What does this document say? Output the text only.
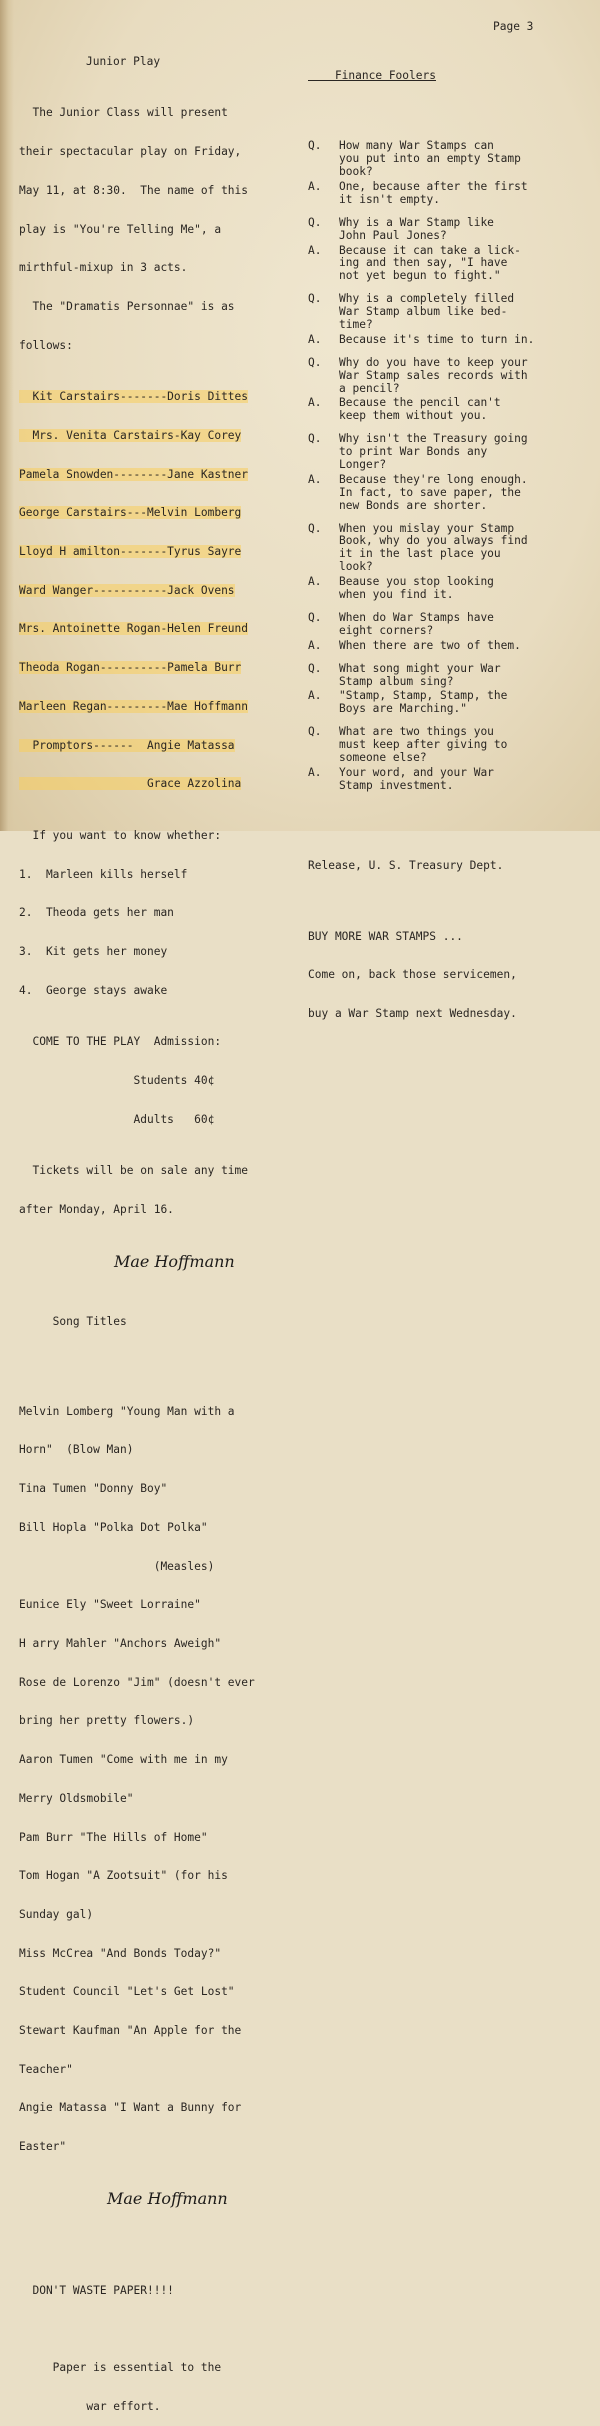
Page 3

Junior Play

The Junior Class will present

their spectacular play on Friday,

May 11, at 8:30.  The name of this

play is "You're Telling Me", a

mirthful-mixup in 3 acts.

The "Dramatis Personnae" is as

follows:

Kit Carstairs-------Doris Dittes

Mrs. Venita Carstairs-Kay Corey

Pamela Snowden--------Jane Kastner

George Carstairs---Melvin Lomberg

Lloyd H amilton-------Tyrus Sayre

Ward Wanger-----------Jack Ovens

Mrs. Antoinette Rogan-Helen Freund

Theoda Rogan----------Pamela Burr

Marleen Regan---------Mae Hoffmann

Promptors------  Angie Matassa

Grace Azzolina

If you want to know whether:

1.  Marleen kills herself

2.  Theoda gets her man

3.  Kit gets her money

4.  George stays awake

COME TO THE PLAY  Admission:

Students 40¢

Adults   60¢

Tickets will be on sale any time

after Monday, April 16.

Mae Hoffmann

Song Titles

Melvin Lomberg "Young Man with a

Horn"  (Blow Man)

Tina Tumen "Donny Boy"

Bill Hopla "Polka Dot Polka"

(Measles)

Eunice Ely "Sweet Lorraine"

H arry Mahler "Anchors Aweigh"

Rose de Lorenzo "Jim" (doesn't ever

bring her pretty flowers.)

Aaron Tumen "Come with me in my

Merry Oldsmobile"

Pam Burr "The Hills of Home"

Tom Hogan "A Zootsuit" (for his

Sunday gal)

Miss McCrea "And Bonds Today?"

Student Council "Let's Get Lost"

Stewart Kaufman "An Apple for the

Teacher"

Angie Matassa "I Want a Bunny for

Easter"

Mae Hoffmann

DON'T WASTE PAPER!!!!

Paper is essential to the

war effort.

Finance Foolers

Q. How many War Stamps can
you put into an empty Stamp
book?
A. One, because after the first
it isn't empty.
Q. Why is a War Stamp like
John Paul Jones?
A. Because it can take a lick-
ing and then say, "I have
not yet begun to fight."
Q. Why is a completely filled
War Stamp album like bed-
time?
A. Because it's time to turn in.
Q. Why do you have to keep your
War Stamp sales records with
a pencil?
A. Because the pencil can't
keep them without you.
Q. Why isn't the Treasury going
to print War Bonds any
Longer?
A. Because they're long enough.
In fact, to save paper, the
new Bonds are shorter.
Q. When you mislay your Stamp
Book, why do you always find
it in the last place you
look?
A. Beause you stop looking
when you find it.
Q. When do War Stamps have
eight corners?
A. When there are two of them.
Q. What song might your War
Stamp album sing?
A. "Stamp, Stamp, Stamp, the
Boys are Marching."
Q. What are two things you
must keep after giving to
someone else?
A. Your word, and your War
Stamp investment.

Release, U. S. Treasury Dept.

BUY MORE WAR STAMPS ...

Come on, back those servicemen,

buy a War Stamp next Wednesday.
